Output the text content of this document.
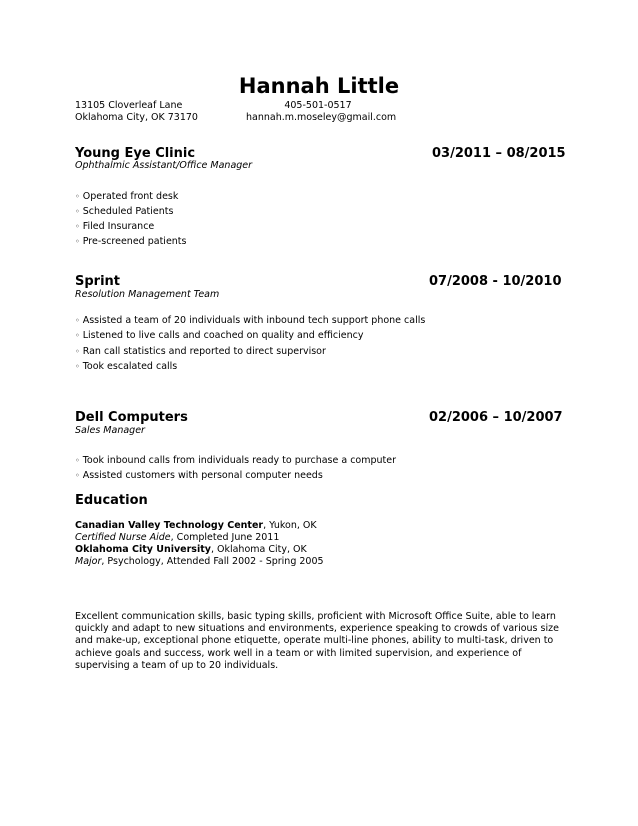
Hannah Little
13105 Cloverleaf Lane
Oklahoma City, OK 73170
405-501-0517
hannah.m.moseley@gmail.com
Young Eye Clinic	03/2011 – 08/2015
Ophthalmic Assistant/Office Manager
◦ Operated front desk
◦ Scheduled Patients
◦ Filed Insurance
◦ Pre-screened patients
Sprint	07/2008 - 10/2010
Resolution Management Team
◦ Assisted a team of 20 individuals with inbound tech support phone calls
◦ Listened to live calls and coached on quality and efficiency
◦ Ran call statistics and reported to direct supervisor
◦ Took escalated calls
Dell Computers	02/2006 – 10/2007
Sales Manager
◦ Took inbound calls from individuals ready to purchase a computer
◦ Assisted customers with personal computer needs
Education
Canadian Valley Technology Center, Yukon, OK
Certified Nurse Aide, Completed June 2011
Oklahoma City University, Oklahoma City, OK
Major, Psychology, Attended Fall 2002 - Spring 2005
Excellent communication skills, basic typing skills, proficient with Microsoft Office Suite, able to learn quickly and adapt to new situations and environments, experience speaking to crowds of various size and make-up, exceptional phone etiquette, operate multi-line phones, ability to multi-task, driven to achieve goals and success, work well in a team or with limited supervision, and experience of supervising a team of up to 20 individuals.
